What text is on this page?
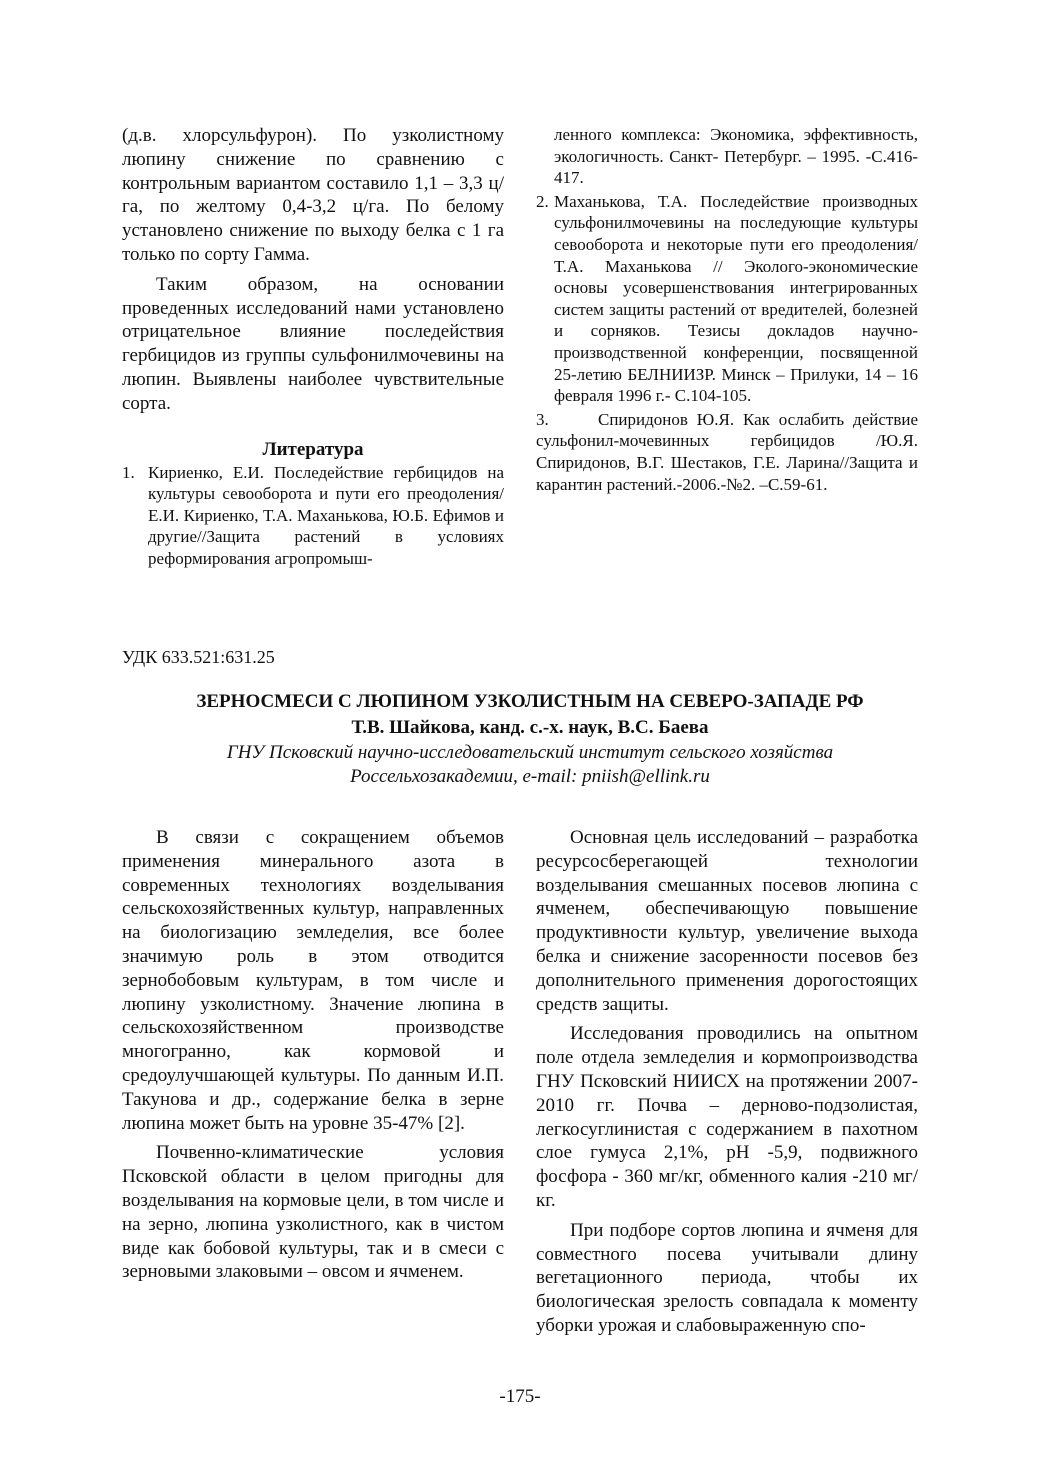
(д.в. хлорсульфурон). По узколистному люпину снижение по сравнению с контрольным вариантом составило 1,1 – 3,3 ц/га, по желтому 0,4-3,2 ц/га. По белому установлено снижение по выходу белка с 1 га только по сорту Гамма.

Таким образом, на основании проведенных исследований нами установлено отрицательное влияние последействия гербицидов из группы сульфонилмочевины на люпин. Выявлены наиболее чувствительные сорта.

Литература
1. Кириенко, Е.И. Последействие гербицидов на культуры севооборота и пути его преодоления/Е.И. Кириенко, Т.А. Маханькова, Ю.Б. Ефимов и другие//Защита растений в условиях реформирования агропромыш-
ленного комплекса: Экономика, эффективность, экологичность. Санкт- Петербург. – 1995. -С.416-417.
2. Маханькова, Т.А. Последействие производных сульфонилмочевины на последующие культуры севооборота и некоторые пути его преодоления/ Т.А. Маханькова // Эколого-экономические основы усовершенствования интегрированных систем защиты растений от вредителей, болезней и сорняков. Тезисы докладов научно-производственной конференции, посвященной 25-летию БЕЛНИИЗР. Минск – Прилуки, 14 – 16 февраля 1996 г.- С.104-105.
3.	Спиридонов Ю.Я. Как ослабить действие сульфонил-мочевинных гербицидов /Ю.Я. Спиридонов, В.Г. Шестаков, Г.Е. Ларина//Защита и карантин растений.-2006.-№2. –С.59-61.
УДК 633.521:631.25
ЗЕРНОСМЕСИ С ЛЮПИНОМ УЗКОЛИСТНЫМ НА СЕВЕРО-ЗАПАДЕ РФ
Т.В. Шайкова, канд. с.-х. наук, В.С. Баева
ГНУ Псковский научно-исследовательский институт сельского хозяйства
Россельхозакадемии, e-mail: pniish@ellink.ru

В связи с сокращением объемов применения минерального азота в современных технологиях возделывания сельскохозяйственных культур, направленных на биологизацию земледелия, все более значимую роль в этом отводится зернобобовым культурам, в том числе и люпину узколистному. Значение люпина в сельскохозяйственном производстве многогранно, как кормовой и средоулучшающей культуры. По данным И.П. Такунова и др., содержание белка в зерне люпина может быть на уровне 35-47% [2].

Почвенно-климатические условия Псковской области в целом пригодны для возделывания на кормовые цели, в том числе и на зерно, люпина узколистного, как в чистом виде как бобовой культуры, так и в смеси с зерновыми злаковыми – овсом и ячменем.

Основная цель исследований – разработка ресурсосберегающей технологии возделывания смешанных посевов люпина с ячменем, обеспечивающую повышение продуктивности культур, увеличение выхода белка и снижение засоренности посевов без дополнительного применения дорогостоящих средств защиты.

Исследования проводились на опытном поле отдела земледелия и кормопроизводства ГНУ Псковский НИИСХ на протяжении 2007-2010 гг. Почва – дерново-подзолистая, легкосуглинистая с содержанием в пахотном слое гумуса 2,1%, рН -5,9, подвижного фосфора - 360 мг/кг, обменного калия -210 мг/кг.

При подборе сортов люпина и ячменя для совместного посева учитывали длину вегетационного периода, чтобы их биологическая зрелость совпадала к моменту уборки урожая и слабовыраженную спо-

-175-
